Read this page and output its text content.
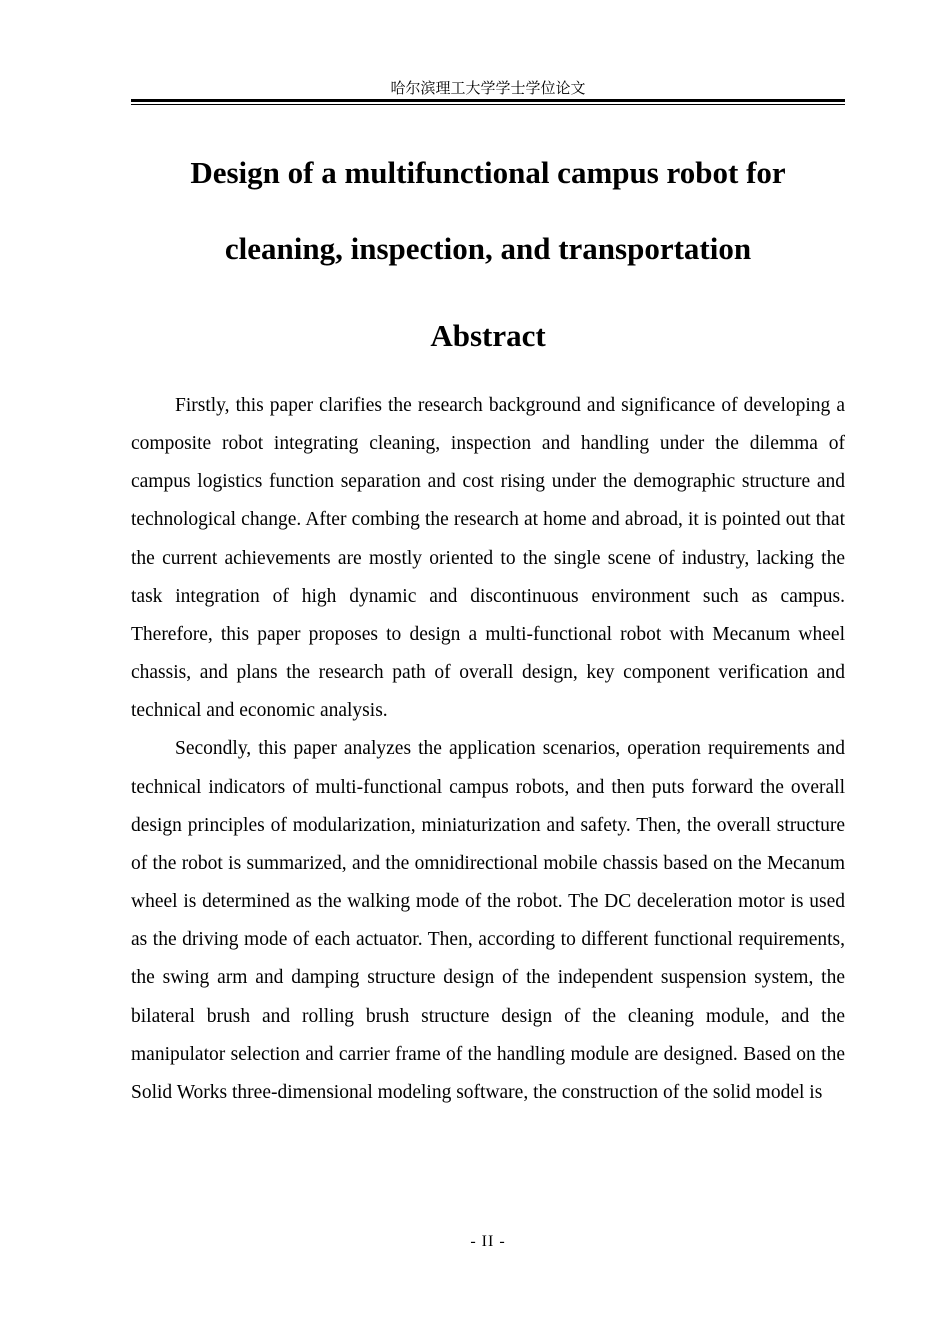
哈尔滨理工大学学士学位论文
Design of a multifunctional campus robot for
cleaning, inspection, and transportation
Abstract

Firstly, this paper clarifies the research background and significance of developing a composite robot integrating cleaning, inspection and handling under the dilemma of campus logistics function separation and cost rising under the demographic structure and technological change. After combing the research at home and abroad, it is pointed out that the current achievements are mostly oriented to the single scene of industry, lacking the task integration of high dynamic and discontinuous environment such as campus. Therefore, this paper proposes to design a multi-functional robot with Mecanum wheel chassis, and plans the research path of overall design, key component verification and technical and economic analysis.

Secondly, this paper analyzes the application scenarios, operation requirements and technical indicators of multi-functional campus robots, and then puts forward the overall design principles of modularization, miniaturization and safety. Then, the overall structure of the robot is summarized, and the omnidirectional mobile chassis based on the Mecanum wheel is determined as the walking mode of the robot. The DC deceleration motor is used as the driving mode of each actuator. Then, according to different functional requirements, the swing arm and damping structure design of the independent suspension system, the bilateral brush and rolling brush structure design of the cleaning module, and the manipulator selection and carrier frame of the handling module are designed. Based on the Solid Works three-dimensional modeling software, the construction of the solid model is

- II -
